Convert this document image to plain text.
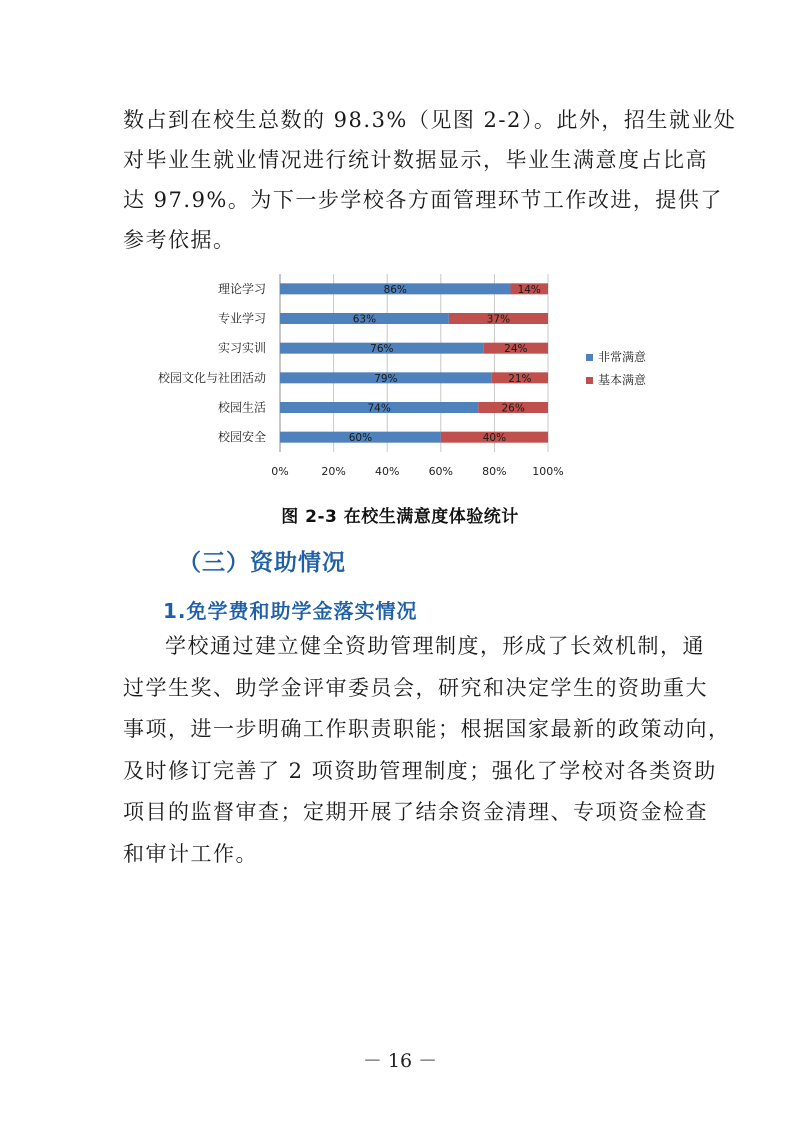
数占到在校生总数的 98.3%（见图 2-2）。此外，招生就业处
对毕业生就业情况进行统计数据显示，毕业生满意度占比高
达 97.9%。为下一步学校各方面管理环节工作改进，提供了
参考依据。
0%	20%	40%	60%	80% 100%
理论学习	86%	14%
专业学习	63%	37%
实习实训	76%	24%
校园文化与社团活动	79%	21%
校园生活	74%	26%
校园安全	60%	40%
非常满意
基本满意
图 2-3 在校生满意度体验统计
（三）资助情况
1.免学费和助学金落实情况
学校通过建立健全资助管理制度，形成了长效机制，通
过学生奖、助学金评审委员会，研究和决定学生的资助重大
事项，进一步明确工作职责职能；根据国家最新的政策动向，
及时修订完善了 2 项资助管理制度；强化了学校对各类资助
项目的监督审查；定期开展了结余资金清理、专项资金检查
和审计工作。
－ 16 －
